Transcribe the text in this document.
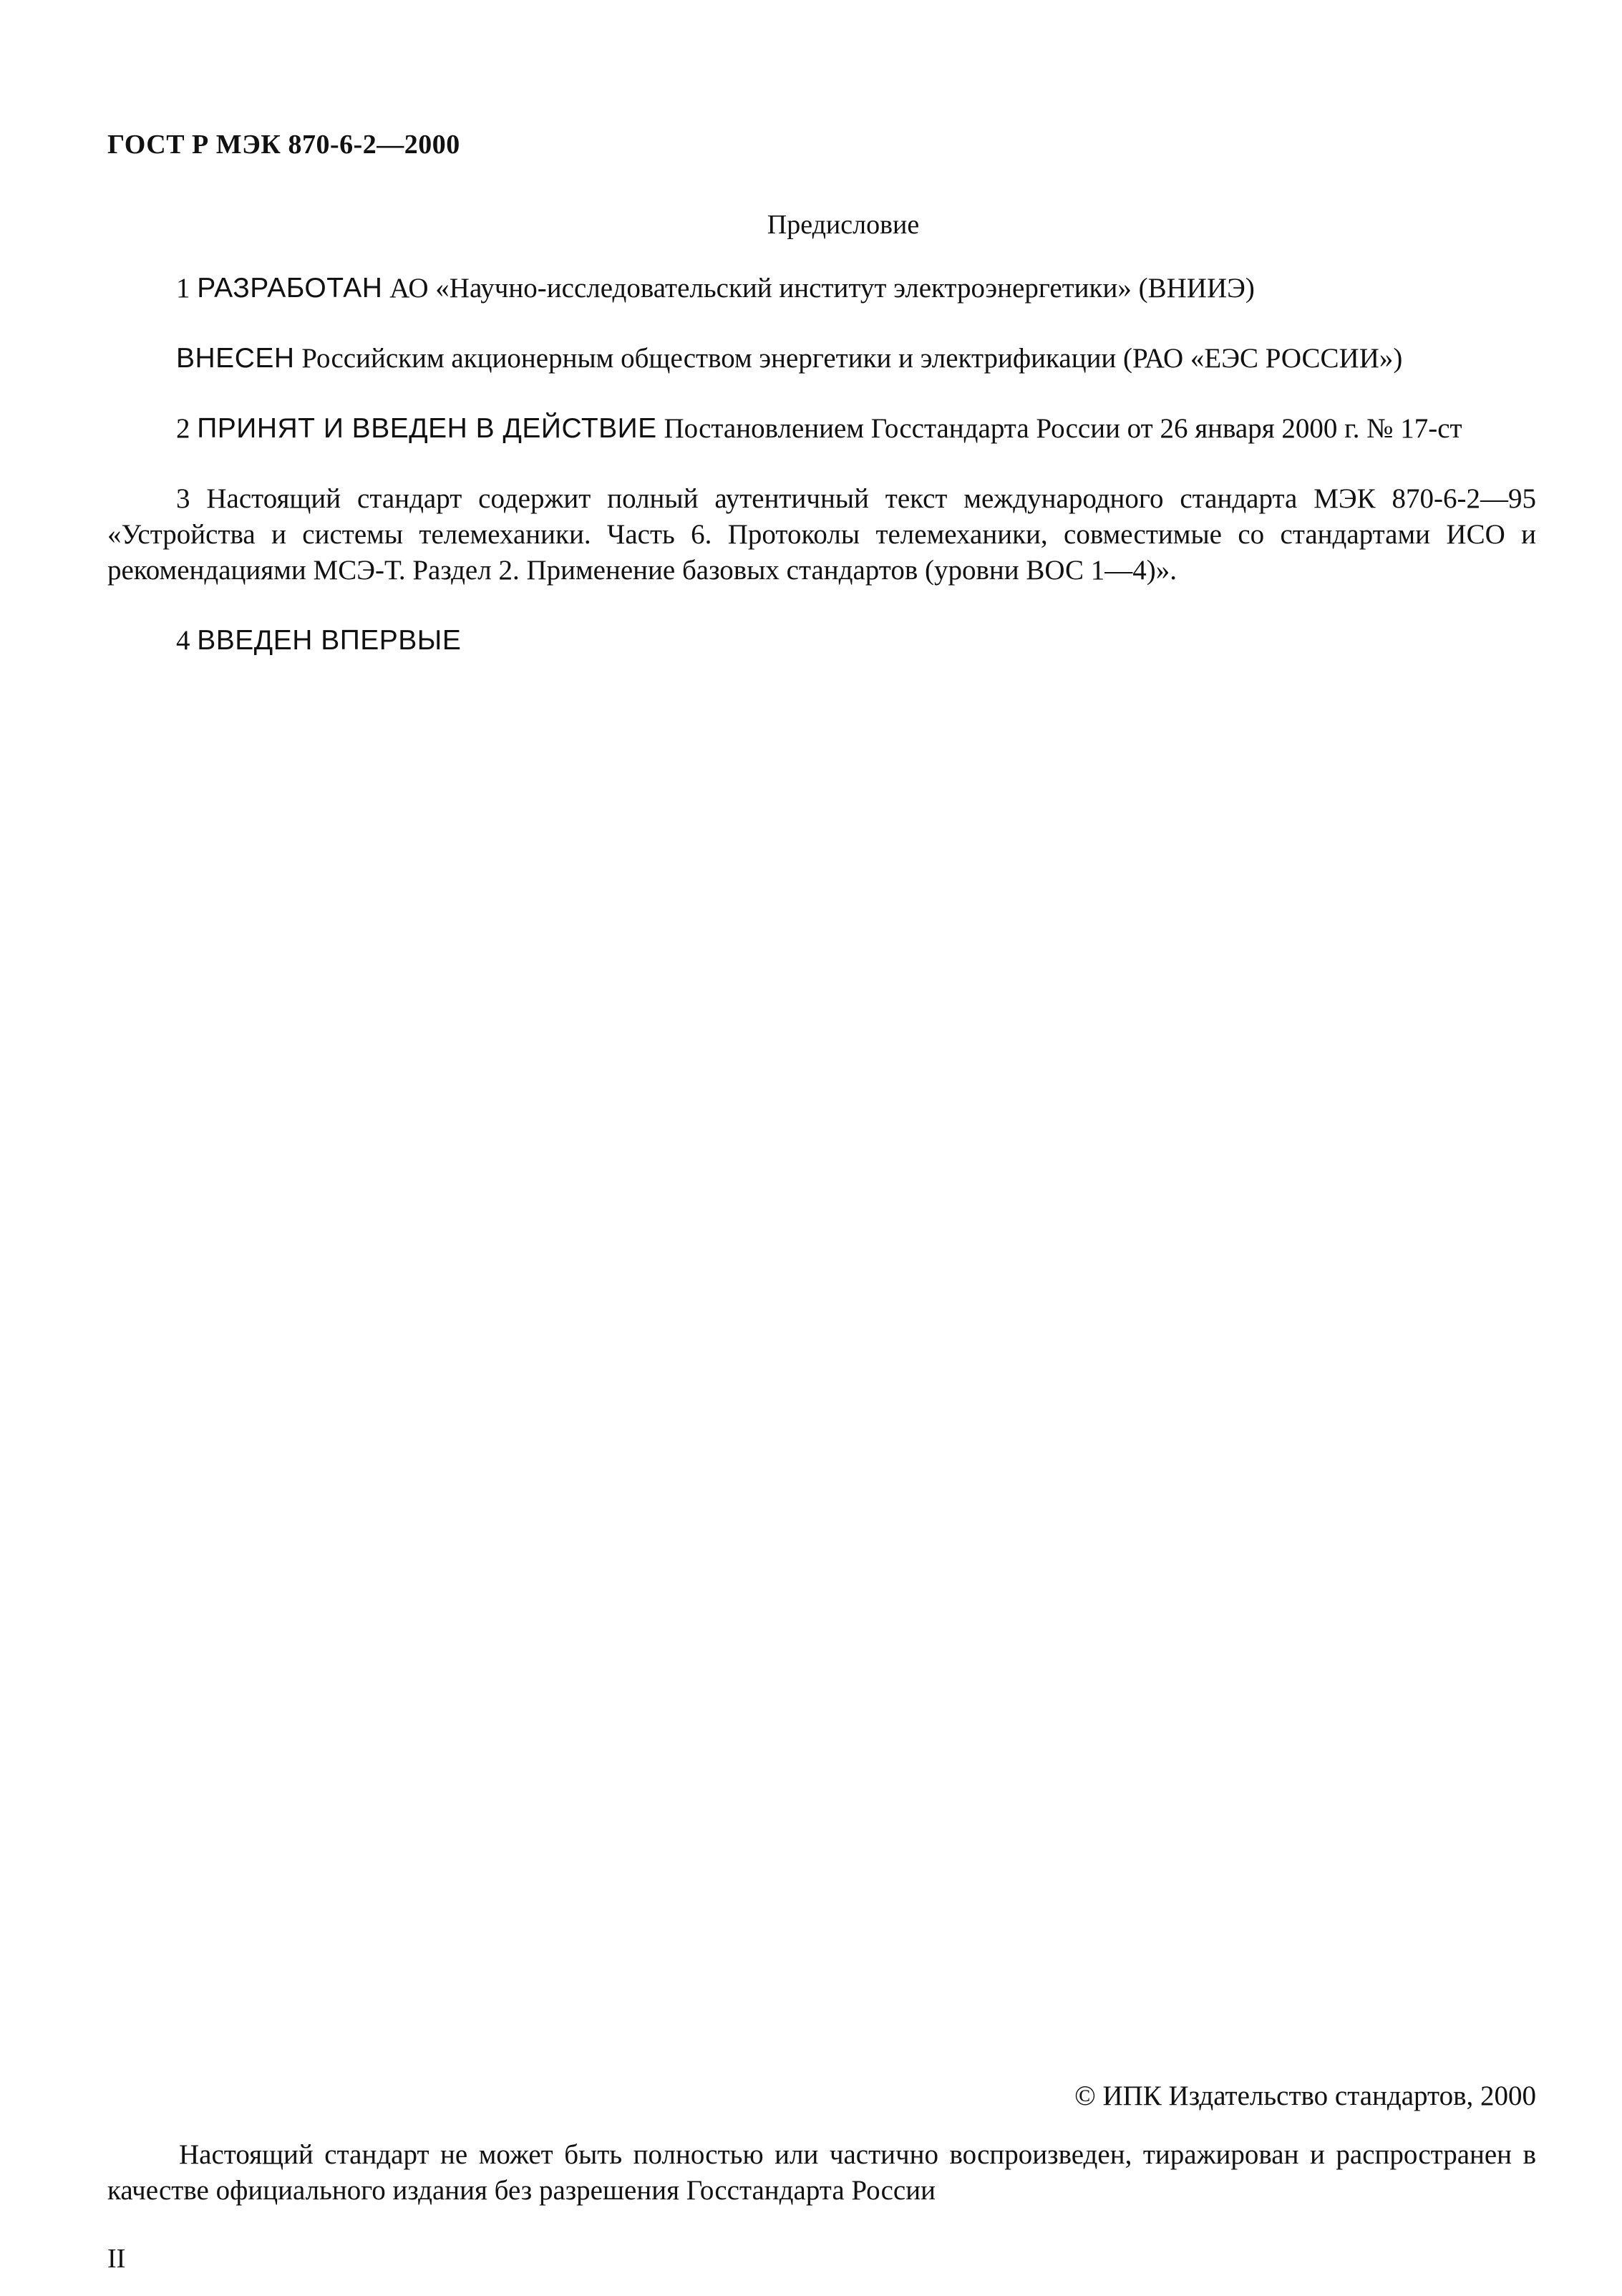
ГОСТ Р МЭК 870-6-2—2000
Предисловие

1 РАЗРАБОТАН АО «Научно-исследовательский институт электроэнергетики» (ВНИИЭ)

ВНЕСЕН Российским акционерным обществом энергетики и электрификации (РАО «ЕЭС РОССИИ»)

2 ПРИНЯТ И ВВЕДЕН В ДЕЙСТВИЕ Постановлением Госстандарта России от 26 января 2000 г. № 17-ст

3 Настоящий стандарт содержит полный аутентичный текст международного стандарта МЭК 870-6-2—95 «Устройства и системы телемеханики. Часть 6. Протоколы телемеханики, совместимые со стандартами ИСО и рекомендациями МСЭ-Т. Раздел 2. Применение базовых стандартов (уровни ВОС 1—4)».

4 ВВЕДЕН ВПЕРВЫЕ

© ИПК Издательство стандартов, 2000

Настоящий стандарт не может быть полностью или частично воспроизведен, тиражирован и распространен в качестве официального издания без разрешения Госстандарта России

II
